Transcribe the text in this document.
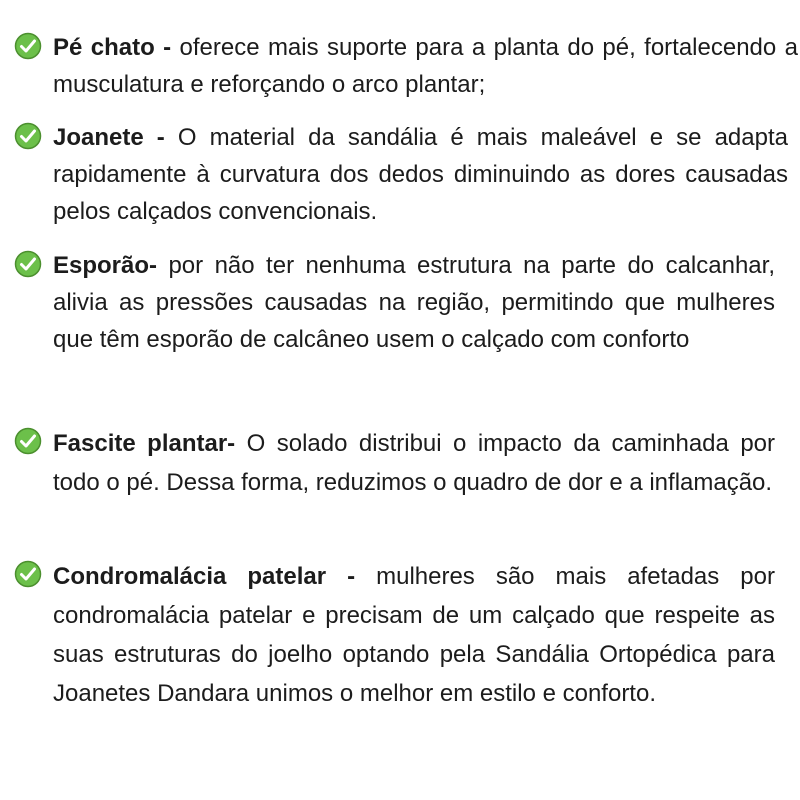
Pé chato - oferece mais suporte para a planta do pé, fortalecendo a musculatura e reforçando o arco plantar;

Joanete - O material da sandália é mais maleável e se adapta rapidamente à curvatura dos dedos diminuindo as dores causadas pelos calçados convencionais.

Esporão- por não ter nenhuma estrutura na parte do calcanhar, alivia as pressões causadas na região, permitindo que mulheres que têm esporão de calcâneo usem o calçado com conforto

Fascite plantar- O solado distribui o impacto da caminhada por todo o pé. Dessa forma, reduzimos o quadro de dor e a inflamação.

Condromalácia patelar - mulheres são mais afetadas por condromalácia patelar e precisam de um calçado que respeite as suas estruturas do joelho optando pela Sandália Ortopédica para Joanetes Dandara unimos o melhor em estilo e conforto.
